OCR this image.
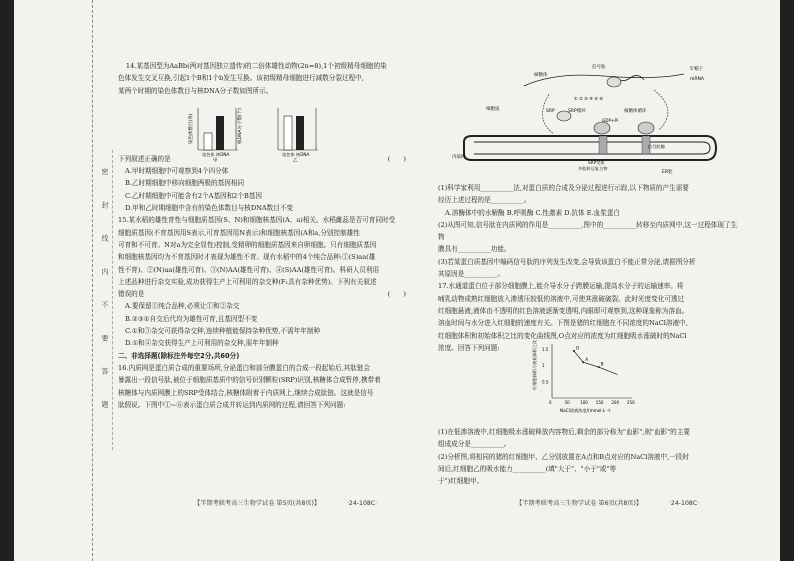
密 封 线 内 不 要 答 题

14.某基因型为AaBb(两对基因独立遗传)的二倍体雄性动物(2n=8),1个初级精母细胞的染

色体发生交叉互换,引起1个B和1个b发生互换。该初级精母细胞进行减数分裂过程中,

某两个时期的染色体数目与核DNA分子数如图所示。

下列叙述正确的是	(　　)

A.甲时期细胞中可观察到4个四分体

B.乙时期细胞中移向细胞两极的基因相同

C.乙时期细胞中可能含有2个A基因和2个B基因

D.甲和乙时期细胞中含有的染色体数目与核DNA数目不变

15.某水稻的雄性育性与细胞质基因(S、N)和细胞核基因(A、a)相关。水稻雌蕊是否可育同时受

细胞质基因(不育基因用S表示,可育基因用N表示)和细胞核基因(A和a,分别控制雄性

可育和不可育。N对a为完全显性)控制,受精卵的细胞质基因来自卵细胞。只有细胞质基因

和细胞核基因均为不育基因时才表现为雄性不育。现有水稻中的4个纯合品种:①(S)aa(雄

性不育)、②(N)aa(雄性可育)、③(N)AA(雄性可育)、④(S)AA(雄性可育)。科研人员利用

上述品种进行杂交实验,成功获得生产上可利用的杂交种(F₁具有杂种优势)。下列有关叙述

错误的是	(　　)

A.要保留①纯合品种,必须让①和②杂交

B.②③①自交后代均为雄性可育,且基因型不变

C.①和③杂交可获得杂交种,连续种植能保持杂种优势,不需年年制种

D.①和④杂交获得生产上可利用的杂交种,需年年制种

二、非选择题(除标注外每空2分,共60分)

16.内质网是蛋白质合成的重要场所,分泌蛋白和部分膜蛋白的合成一段起始后,其肽链会

暴露出一段信号肽,被位于细胞质基质中的信号识别颗粒(SRP)识别,核糖体合成暂停,携带着

核糖体与内质网膜上的SRP受体结合,核糖体附着于内质网上,继续合成肽链。这就是信号

肽假说。下图中①~⑥表示蛋白质合成并转运到内质网的过程,请回答下列问题:

染色体数目(条)	核DNA分子数(个)
染色体 核DNA
甲
染色体 核DNA
乙
信号肽	5'帽子
mRNA
核糖体
SRP	SRP循环	核糖体循环
GDP+Pi
细胞质
内质网
SRP受体
多肽转运复合物
信号肽酶
ER腔
① ② ③ ④ ⑤ ⑥

(1)科学家利用__________法,对蛋白质的合成及分泌过程进行示踪,以下物质的产生需要

经历上述过程的是__________。

A.溶酶体中的水解酶 B.呼吸酶 C.性激素 D.抗体 E.血浆蛋白

(2)从图可知,信号肽在内质网的作用是__________,图中的__________转移至内质网中,这一过程体现了生物

膜具有__________功能。

(3)若某蛋白质基因中编码信号肽的序列发生改变,会导致该蛋白不能正常分泌,请据图分析

其原因是__________。

17.水通道蛋白位于部分细胞膜上,能介导水分子跨膜运输,提高水分子的运输速率。将

哺乳动物成熟红细胞放入渗透压较低的溶液中,可使其涨破破裂。此时光度变化可透过

红细胞悬液,液体由不透明的红色溶液逐渐变透明,内眼即可观察到,这种现象称为溶血。

溶血时间与水分进入红细胞的速度有关。下图是猪的红细胞在不同浓度的NaCl溶液中,

红细胞体积和初始体积之比的变化曲线图,O点对应的浓度为红细胞吸水涨破时的NaCl

浓度。回答下列问题:

(1)在低渗溶液中,红细胞吸水涨破释放内容物后,剩余的部分称为"血影",则"血影"的主要

组成成分是__________。

(2)分析图,将相同的猪的红细胞甲、乙分别放置在A点和B点对应的NaCl溶液中,一段时

间后,红细胞乙的吸水能力__________(填"大于"、"小于"或"等

于")红细胞甲。

红细胞体积与初始体积之比
0	50	100 150 200 250
0.5
1
1.5	O
A
B
NaCl溶液浓度/(mmol·L⁻¹)
【半期考联考高三生物学试卷 第5页(共8页)】	·24-108C·	【半期考联考高三生物学试卷 第6页(共8页)】	·24-108C·
